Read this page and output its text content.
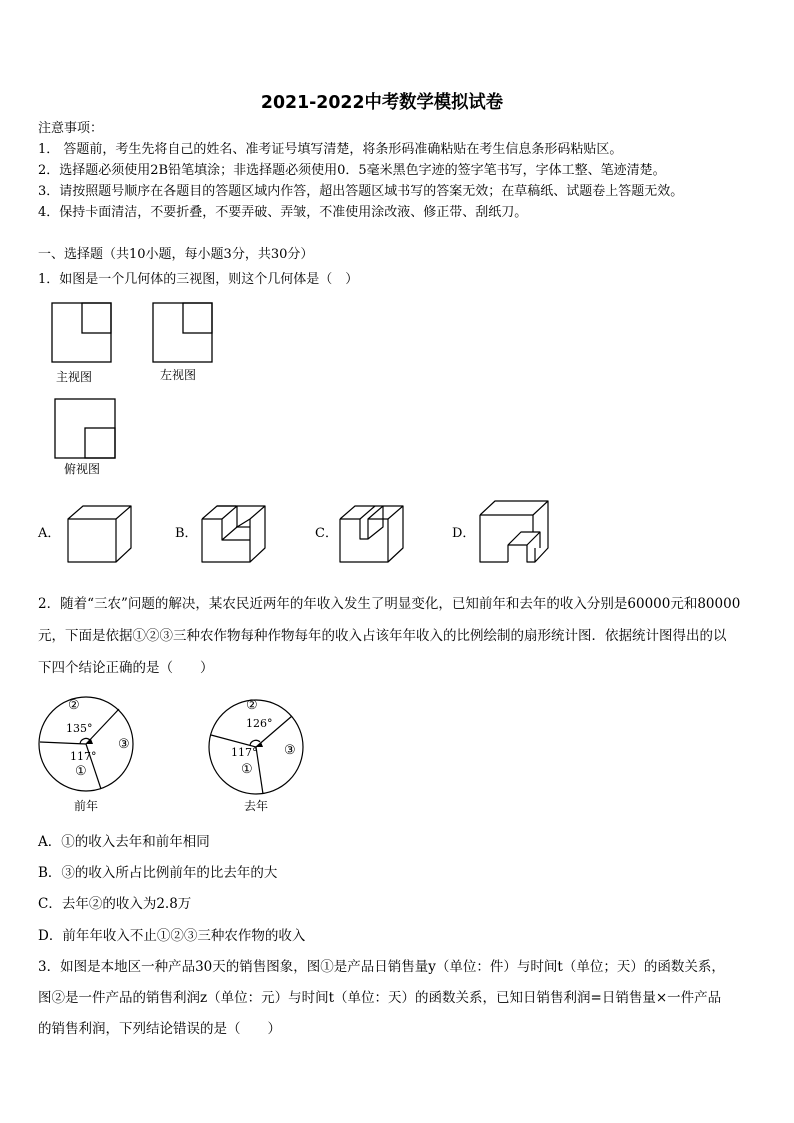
2021-2022中考数学模拟试卷
注意事项：
1． 答题前，考生先将自己的姓名、准考证号填写清楚，将条形码准确粘贴在考生信息条形码粘贴区。
2．选择题必须使用2B铅笔填涂；非选择题必须使用0．5毫米黑色字迹的签字笔书写，字体工整、笔迹清楚。
3．请按照题号顺序在各题目的答题区域内作答，超出答题区域书写的答案无效；在草稿纸、试题卷上答题无效。
4．保持卡面清洁，不要折叠，不要弄破、弄皱，不准使用涂改液、修正带、刮纸刀。
一、选择题（共10小题，每小题3分，共30分）
1．如图是一个几何体的三视图，则这个几何体是（　）
主视图	左视图
俯视图
A．	B．	C．	D．
2．随着“三农”问题的解决，某农民近两年的年收入发生了明显变化，已知前年和去年的收入分别是60000元和80000
元，下面是依据①②③三种农作物每种作物每年的收入占该年年收入的比例绘制的扇形统计图．依据统计图得出的以
下四个结论正确的是（　　）
②
135°
③
117°
①
前年
②
126°
③
117°
①
去年
A．①的收入去年和前年相同
B．③的收入所占比例前年的比去年的大
C．去年②的收入为2.8万
D．前年年收入不止①②③三种农作物的收入
3．如图是本地区一种产品30天的销售图象，图①是产品日销售量y（单位：件）与时间t（单位；天）的函数关系，
图②是一件产品的销售利润z（单位：元）与时间t（单位：天）的函数关系，已知日销售利润=日销售量×一件产品
的销售利润，下列结论错误的是（　　）
